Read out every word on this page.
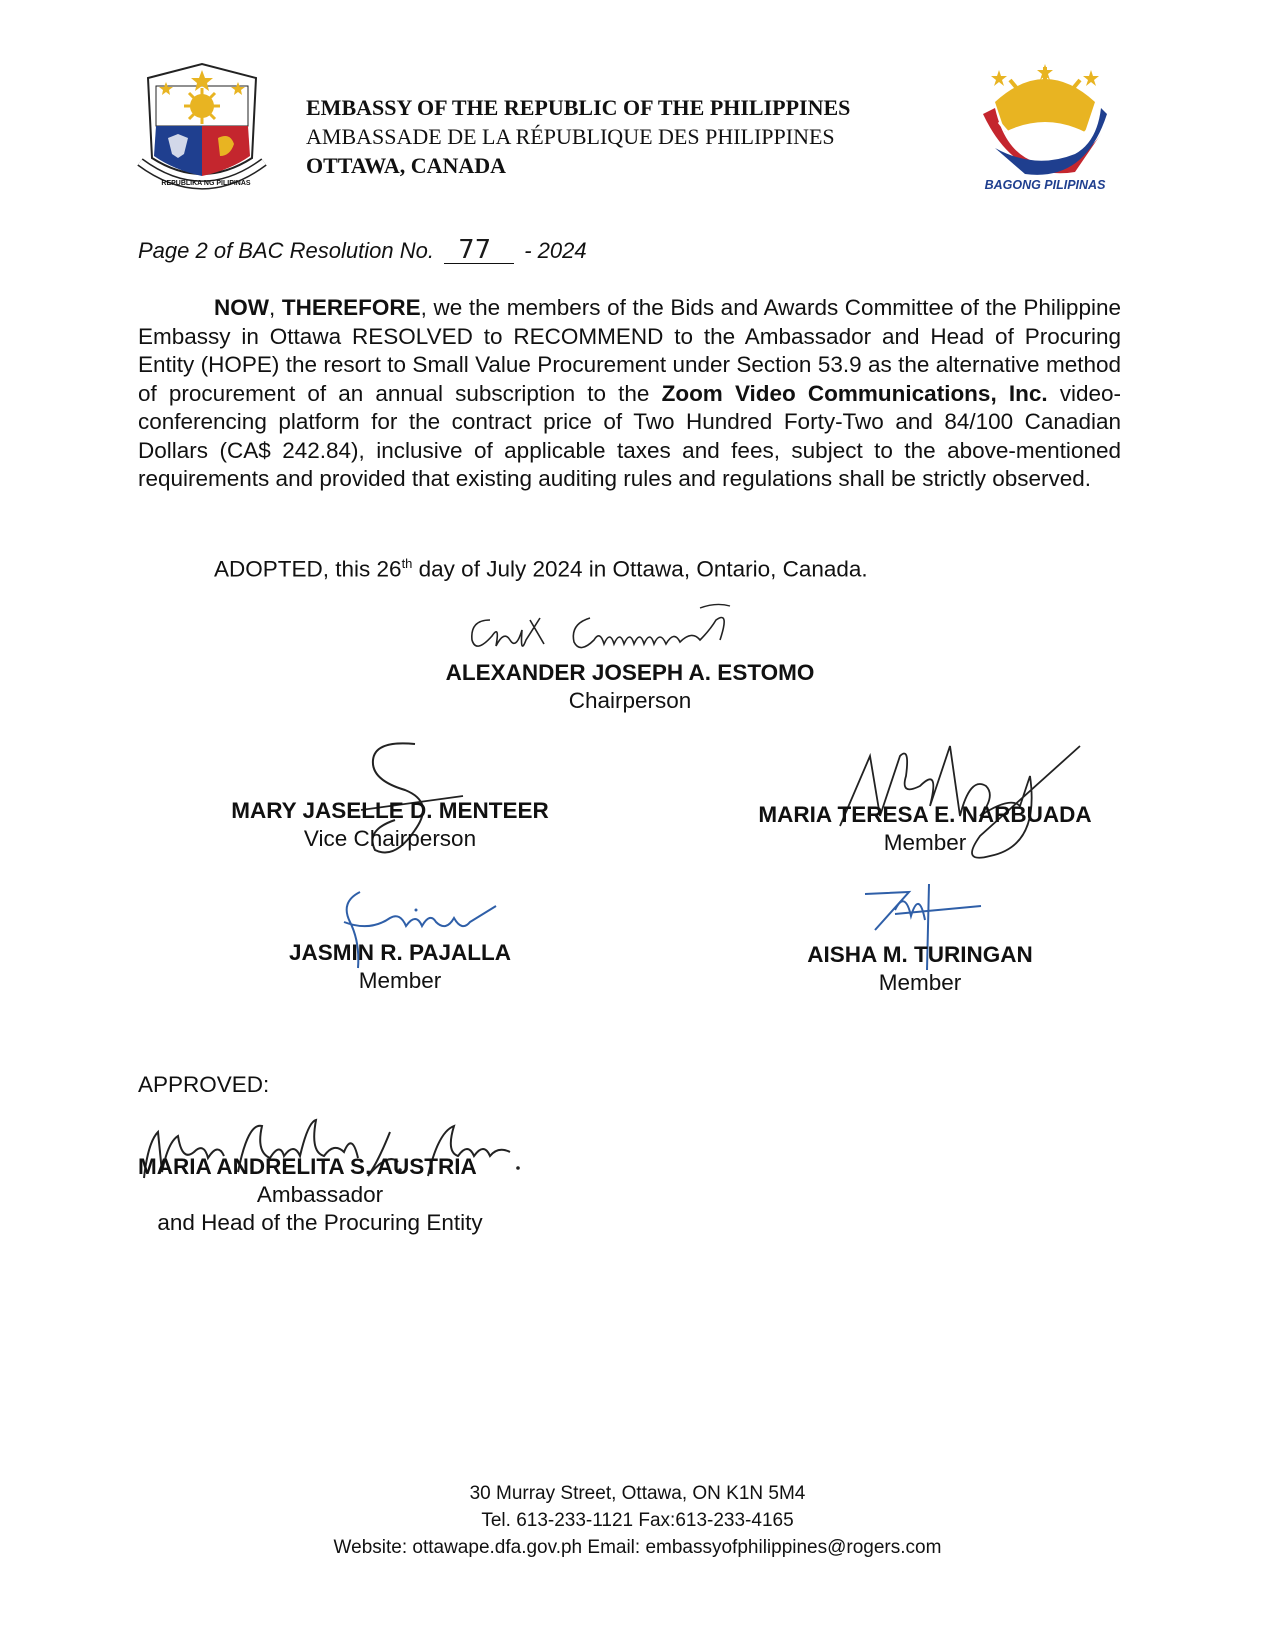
REPUBLIKA NG PILIPINAS
EMBASSY OF THE REPUBLIC OF THE PHILIPPINES
AMBASSADE DE LA RÉPUBLIQUE DES PHILIPPINES
OTTAWA, CANADA
BAGONG PILIPINAS
Page 2 of BAC Resolution No. 77 - 2024

NOW, THEREFORE, we the members of the Bids and Awards Committee of the Philippine Embassy in Ottawa RESOLVED to RECOMMEND to the Ambassador and Head of Procuring Entity (HOPE) the resort to Small Value Procurement under Section 53.9 as the alternative method of procurement of an annual subscription to the Zoom Video Communications, Inc. video-conferencing platform for the contract price of Two Hundred Forty-Two and 84/100 Canadian Dollars (CA$ 242.84), inclusive of applicable taxes and fees, subject to the above-mentioned requirements and provided that existing auditing rules and regulations shall be strictly observed.

ADOPTED, this 26th day of July 2024 in Ottawa, Ontario, Canada.
ALEXANDER JOSEPH A. ESTOMO
Chairperson
MARY JASELLE D. MENTEER
Vice Chairperson
MARIA TERESA E. NARBUADA
Member
JASMIN R. PAJALLA
Member
AISHA M. TURINGAN
Member
APPROVED:
MARIA ANDRELITA S. AUSTRIA
Ambassador
and Head of the Procuring Entity
30 Murray Street, Ottawa, ON K1N 5M4
Tel. 613-233-1121 Fax:613-233-4165
Website: ottawape.dfa.gov.ph Email: embassyofphilippines@rogers.com
